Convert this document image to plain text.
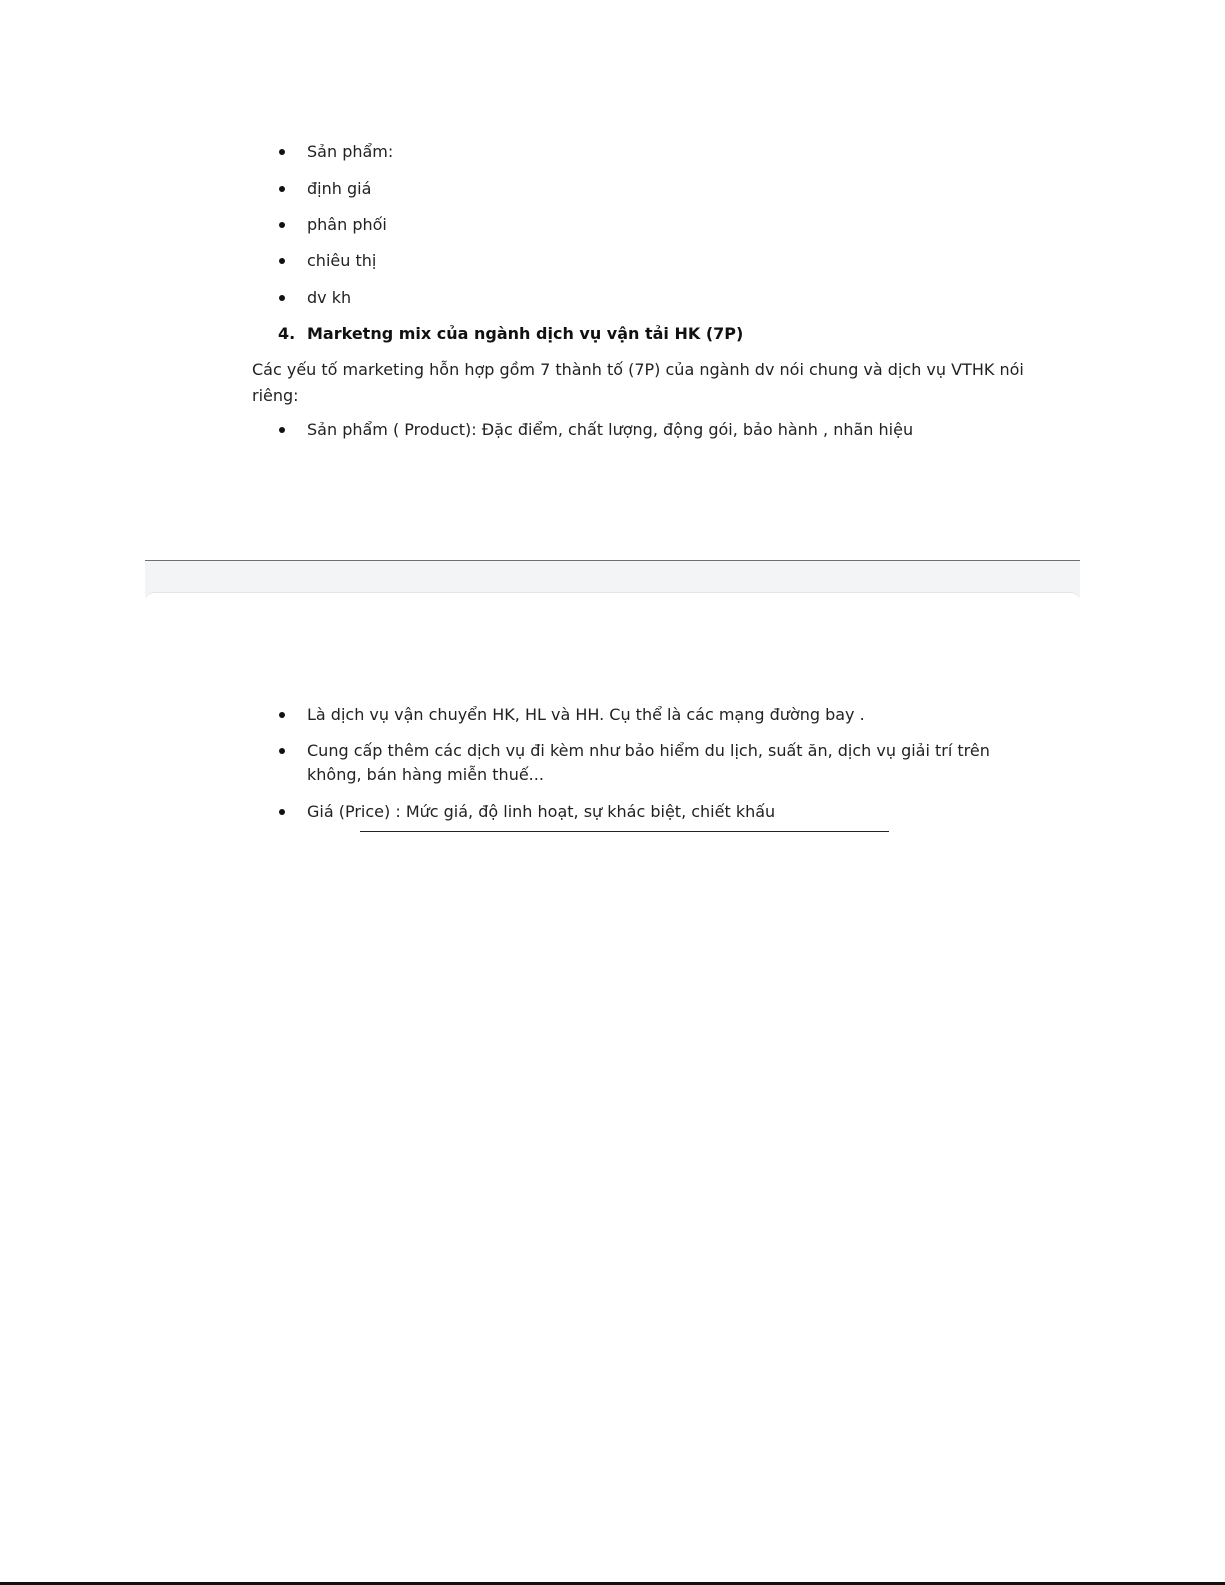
Sản phẩm:
định giá
phân phối
chiêu thị
dv kh
4. Marketng mix của ngành dịch vụ vận tải HK (7P)
Các yếu tố marketing hỗn hợp gồm 7 thành tố (7P) của ngành dv nói chung và dịch vụ VTHK nói
riêng:
Sản phẩm ( Product): Đặc điểm, chất lượng, động gói, bảo hành , nhãn hiệu
Là dịch vụ vận chuyển HK, HL và HH. Cụ thể là các mạng đường bay .
Cung cấp thêm các dịch vụ đi kèm như bảo hiểm du lịch, suất ăn, dịch vụ giải trí trên
không, bán hàng miễn thuế...
Giá (Price) : Mức giá, độ linh hoạt, sự khác biệt, chiết khấu
